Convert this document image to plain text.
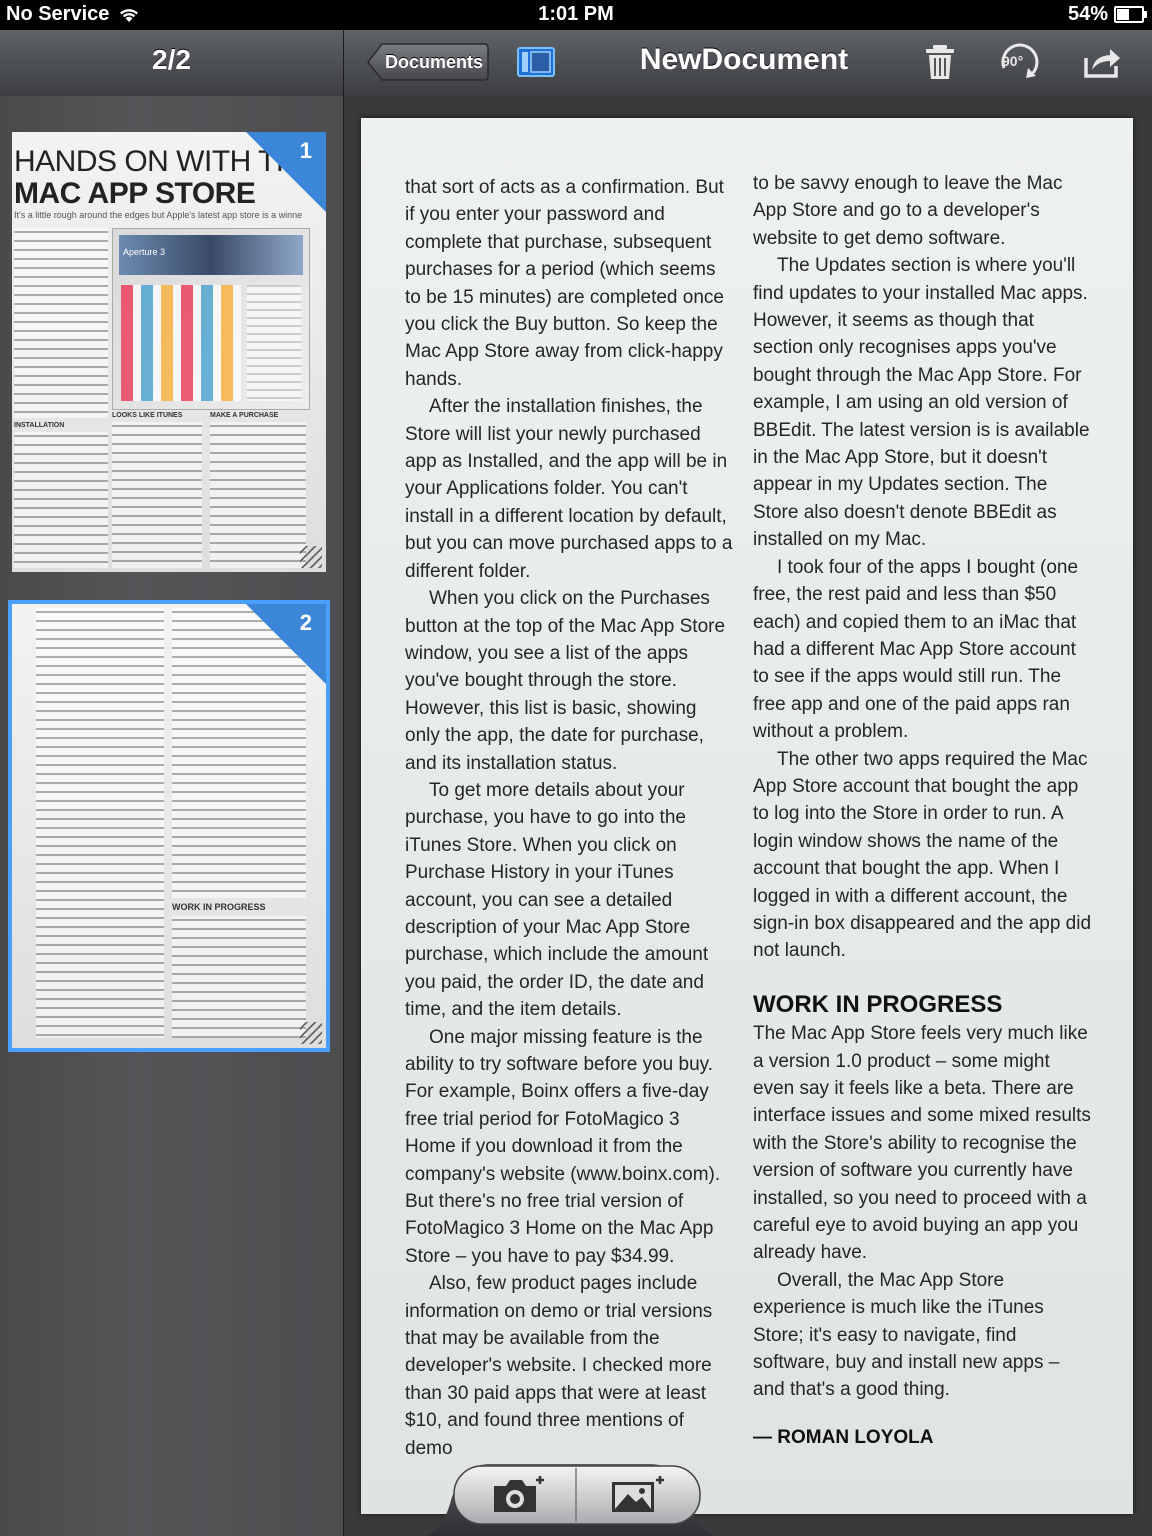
No Service	1:01 PM	54%
2/2
HANDS ON WITH TH
MAC APP STORE
It's a little rough around the edges but Apple's latest app store is a winne
Aperture 3
INSTALLATION
LOOKS LIKE ITUNES	MAKE A PURCHASE
1
WORK IN PROGRESS
2
Documents	NewDocument	90°

that sort of acts as a confirmation. But if you enter your password and complete that purchase, subsequent purchases for a period (which seems to be 15 minutes) are completed once you click the Buy button. So keep the Mac App Store away from click-happy hands.

After the installation finishes, the Store will list your newly purchased app as Installed, and the app will be in your Applications folder. You can't install in a different location by default, but you can move purchased apps to a different folder.

When you click on the Purchases button at the top of the Mac App Store window, you see a list of the apps you've bought through the store. However, this list is basic, showing only the app, the date for purchase, and its installation status.

To get more details about your purchase, you have to go into the iTunes Store. When you click on Purchase History in your iTunes account, you can see a detailed description of your Mac App Store purchase, which include the amount you paid, the order ID, the date and time, and the item details.

One major missing feature is the ability to try software before you buy. For example, Boinx offers a five-day free trial period for FotoMagico 3 Home if you download it from the company's website (www.boinx.com). But there's no free trial version of FotoMagico 3 Home on the Mac App Store – you have to pay $34.99.

Also, few product pages include information on demo or trial versions that may be available from the developer's website. I checked more than 30 paid apps that were at least $10, and found three mentions of demo

to be savvy enough to leave the Mac App Store and go to a developer's website to get demo software.

The Updates section is where you'll find updates to your installed Mac apps. However, it seems as though that section only recognises apps you've bought through the Mac App Store. For example, I am using an old version of BBEdit. The latest version is is available in the Mac App Store, but it doesn't appear in my Updates section. The Store also doesn't denote BBEdit as installed on my Mac.

I took four of the apps I bought (one free, the rest paid and less than $50 each) and copied them to an iMac that had a different Mac App Store account to see if the apps would still run. The free app and one of the paid apps ran without a problem.

The other two apps required the Mac App Store account that bought the app to log into the Store in order to run. A login window shows the name of the account that bought the app. When I logged in with a different account, the sign-in box disappeared and the app did not launch.

WORK IN PROGRESS

The Mac App Store feels very much like a version 1.0 product – some might even say it feels like a beta. There are interface issues and some mixed results with the Store's ability to recognise the version of software you currently have installed, so you need to proceed with a careful eye to avoid buying an app you already have.

Overall, the Mac App Store experience is much like the iTunes Store; it's easy to navigate, find software, buy and install new apps – and that's a good thing.

— ROMAN LOYOLA
